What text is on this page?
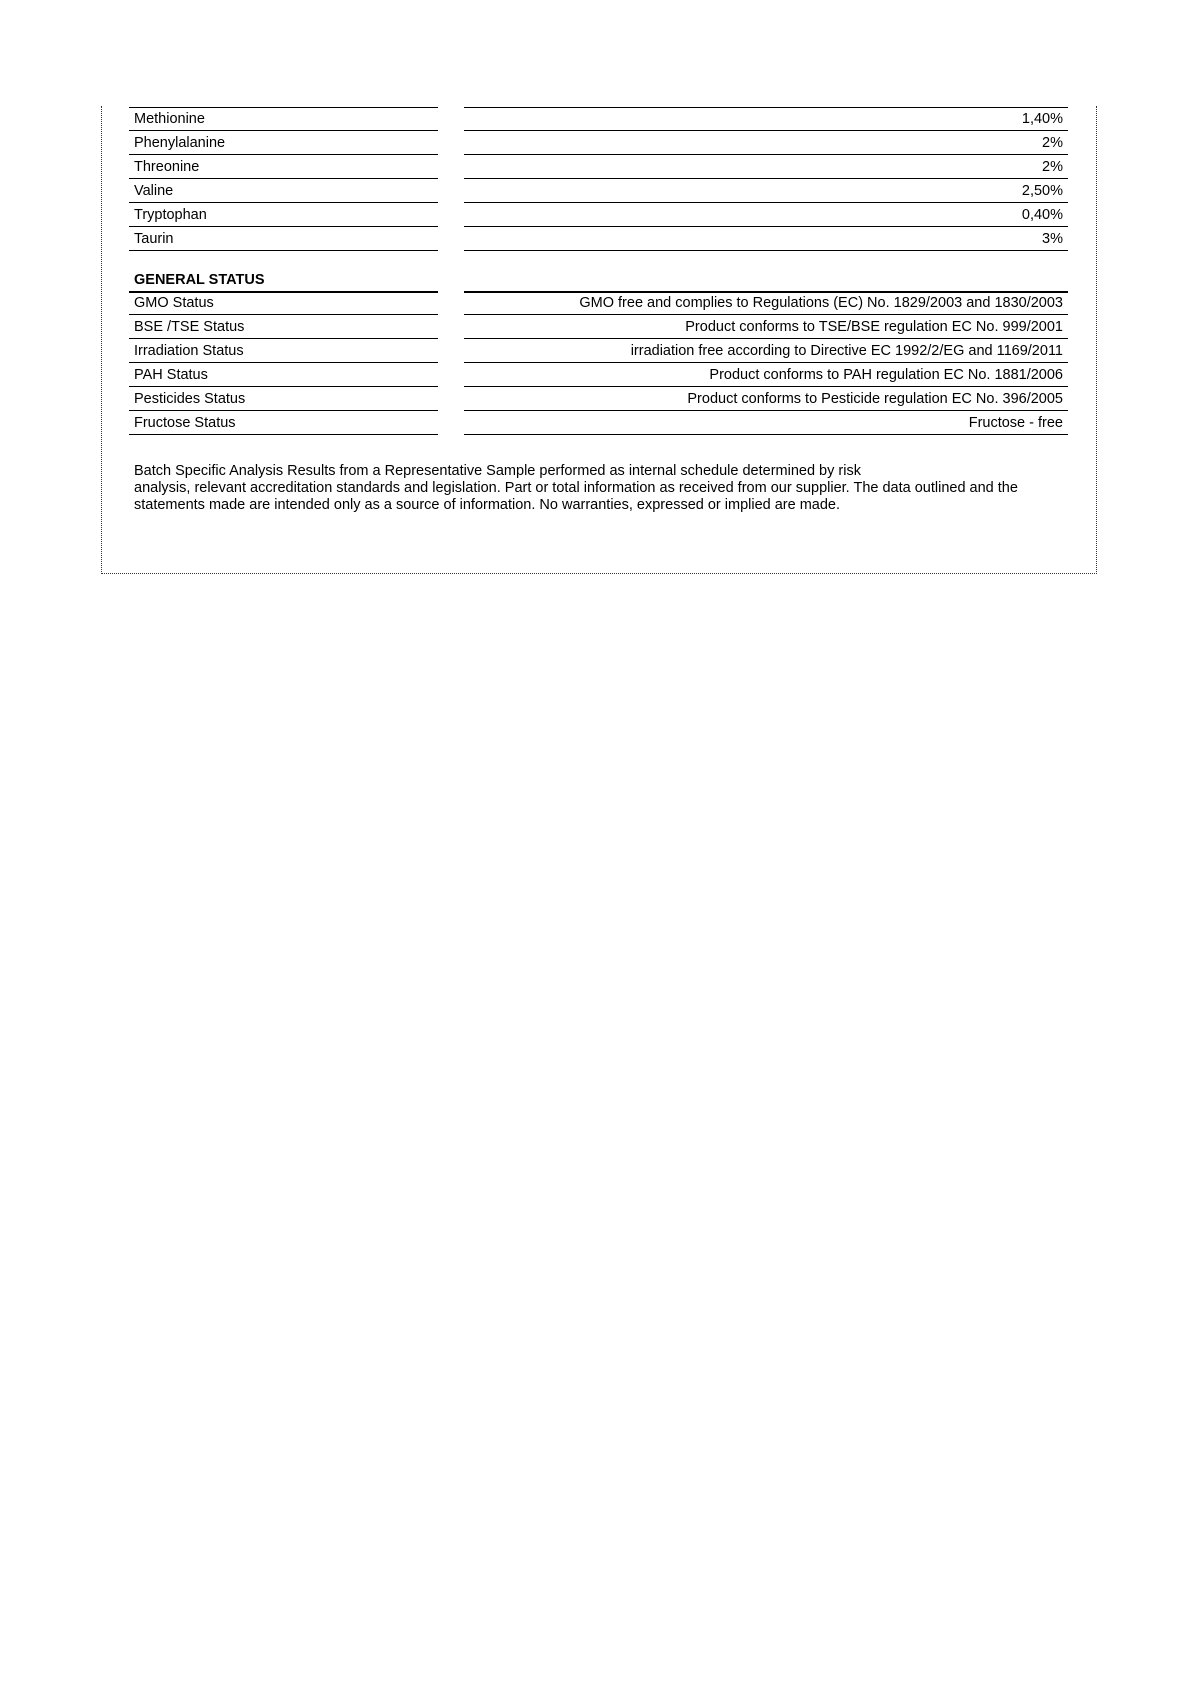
Methionine	1,40%
Phenylalanine	2%
Threonine	2%
Valine	2,50%
Tryptophan	0,40%
Taurin	3%
GENERAL STATUS
GMO Status	GMO free and complies to Regulations (EC) No. 1829/2003 and 1830/2003
BSE /TSE Status	Product conforms to TSE/BSE regulation EC No. 999/2001
Irradiation Status	irradiation free according to Directive EC 1992/2/EG and 1169/2011
PAH Status	Product conforms to PAH regulation EC No. 1881/2006
Pesticides Status	Product conforms to Pesticide regulation EC No. 396/2005
Fructose Status	Fructose - free
Batch Specific Analysis Results from a Representative Sample performed as internal schedule determined by risk
analysis, relevant accreditation standards and legislation. Part or total information as received from our supplier. The data outlined and the
statements made are intended only as a source of information. No warranties, expressed or implied are made.
